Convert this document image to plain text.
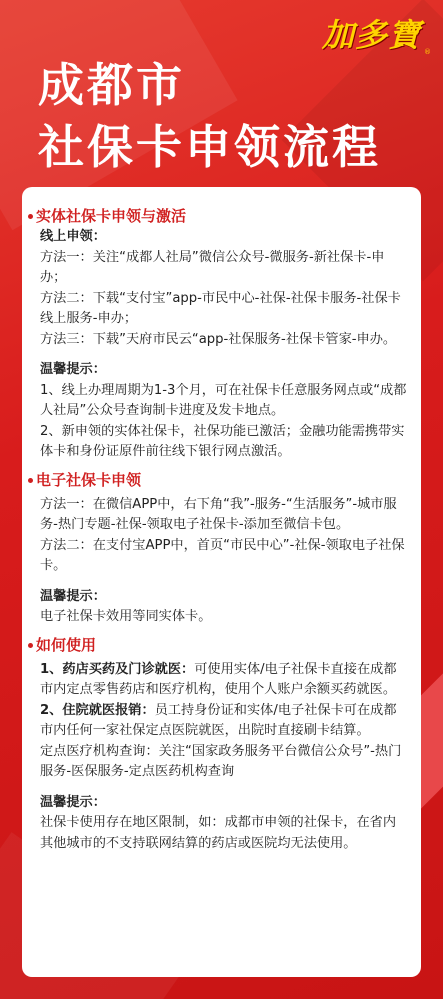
加多寶 ®
成都市
社保卡申领流程
实体社保卡申领与激活

线上申领：

方法一：关注“成都人社局”微信公众号-微服务-新社保卡-申办；

方法二：下载“支付宝”app-市民中心-社保-社保卡服务-社保卡线上服务-申办；

方法三：下载”天府市民云“app-社保服务-社保卡管家-申办。

温馨提示：

1、线上办理周期为1-3个月，可在社保卡任意服务网点或“成都人社局”公众号查询制卡进度及发卡地点。

2、新申领的实体社保卡，社保功能已激活；金融功能需携带实体卡和身份证原件前往线下银行网点激活。

电子社保卡申领

方法一：在微信APP中，右下角“我”-服务-“生活服务”-城市服务-热门专题-社保-领取电子社保卡-添加至微信卡包。

方法二：在支付宝APP中，首页“市民中心”-社保-领取电子社保卡。

温馨提示：

电子社保卡效用等同实体卡。

如何使用

1、药店买药及门诊就医：可使用实体/电子社保卡直接在成都市内定点零售药店和医疗机构，使用个人账户余额买药就医。

2、住院就医报销：员工持身份证和实体/电子社保卡可在成都市内任何一家社保定点医院就医，出院时直接刷卡结算。

定点医疗机构查询：关注“国家政务服务平台微信公众号”-热门服务-医保服务-定点医药机构查询

温馨提示：

社保卡使用存在地区限制，如：成都市申领的社保卡，在省内其他城市的不支持联网结算的药店或医院均无法使用。
